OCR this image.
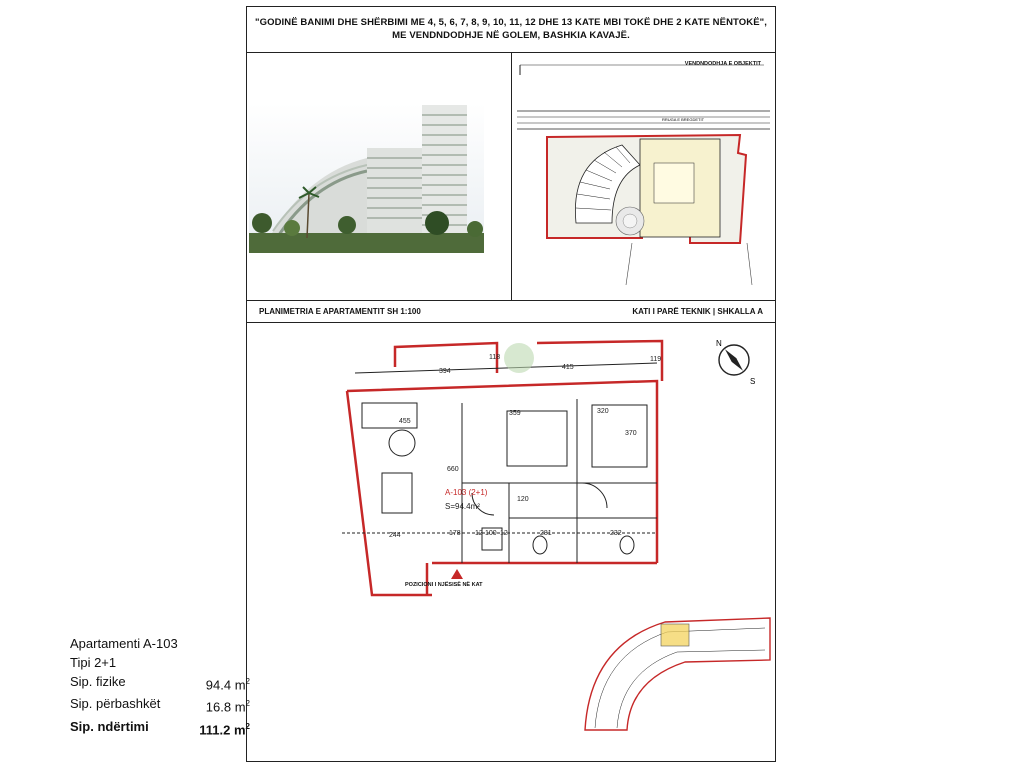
"GODINË BANIMI DHE SHËRBIMI ME 4, 5, 6, 7, 8, 9, 10, 11, 12 DHE 13 KATE MBI TOKË DHE 2 KATE NËNTOKË",
ME VENDNDODHJE NË GOLEM, BASHKIA KAVAJË.
VENDNDODHJA E OBJEKTIT
RRUGA E BREGDETIT
PLANIMETRIA E APARTAMENTIT SH 1:100	KATI I PARË TEKNIK | SHKALLA A
118
394
415
119
455
359	320
370
660
120
244	178 12 100 12	281	232
A-103 (2+1)
S=94.4m²
N
S
POZICIONI I NJËSISË NË KAT
Apartamenti A-103
Tipi 2+1
Sip. fizike	94.4 $m^2$
Sip. përbashkët	16.8 $m^2$
Sip. ndërtimi	111.2 $m^2$
